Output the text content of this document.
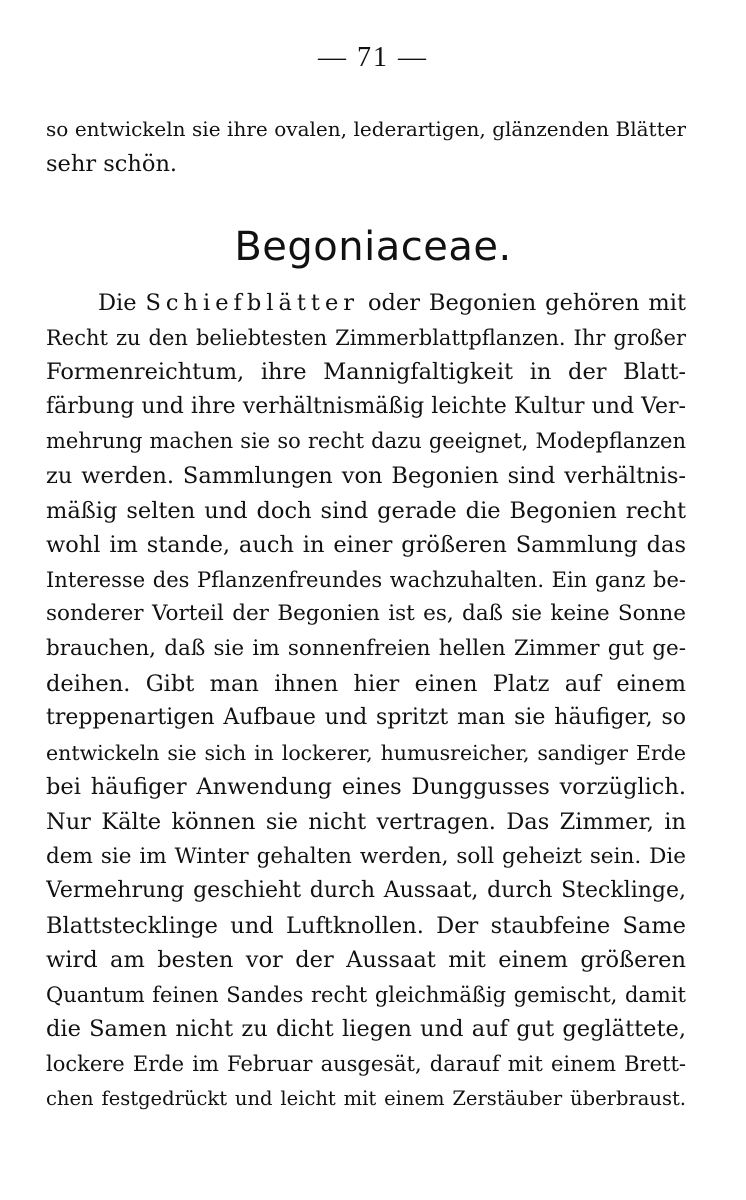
— 71 —
so entwickeln sie ihre ovalen, lederartigen, glänzenden Blätter
sehr schön.
Begoniaceae.
Die Schiefblätter oder Begonien gehören mit
Recht zu den beliebtesten Zimmerblattpflanzen. Ihr großer
Formenreichtum, ihre Mannigfaltigkeit in der Blatt-
färbung und ihre verhältnismäßig leichte Kultur und Ver-
mehrung machen sie so recht dazu geeignet, Modepflanzen
zu werden. Sammlungen von Begonien sind verhältnis-
mäßig selten und doch sind gerade die Begonien recht
wohl im stande, auch in einer größeren Sammlung das
Interesse des Pflanzenfreundes wachzuhalten. Ein ganz be-
sonderer Vorteil der Begonien ist es, daß sie keine Sonne
brauchen, daß sie im sonnenfreien hellen Zimmer gut ge-
deihen. Gibt man ihnen hier einen Platz auf einem
treppenartigen Aufbaue und spritzt man sie häufiger, so
entwickeln sie sich in lockerer, humusreicher, sandiger Erde
bei häufiger Anwendung eines Dunggusses vorzüglich.
Nur Kälte können sie nicht vertragen. Das Zimmer, in
dem sie im Winter gehalten werden, soll geheizt sein. Die
Vermehrung geschieht durch Aussaat, durch Stecklinge,
Blattstecklinge und Luftknollen. Der staubfeine Same
wird am besten vor der Aussaat mit einem größeren
Quantum feinen Sandes recht gleichmäßig gemischt, damit
die Samen nicht zu dicht liegen und auf gut geglättete,
lockere Erde im Februar ausgesät, darauf mit einem Brett-
chen festgedrückt und leicht mit einem Zerstäuber überbraust.
